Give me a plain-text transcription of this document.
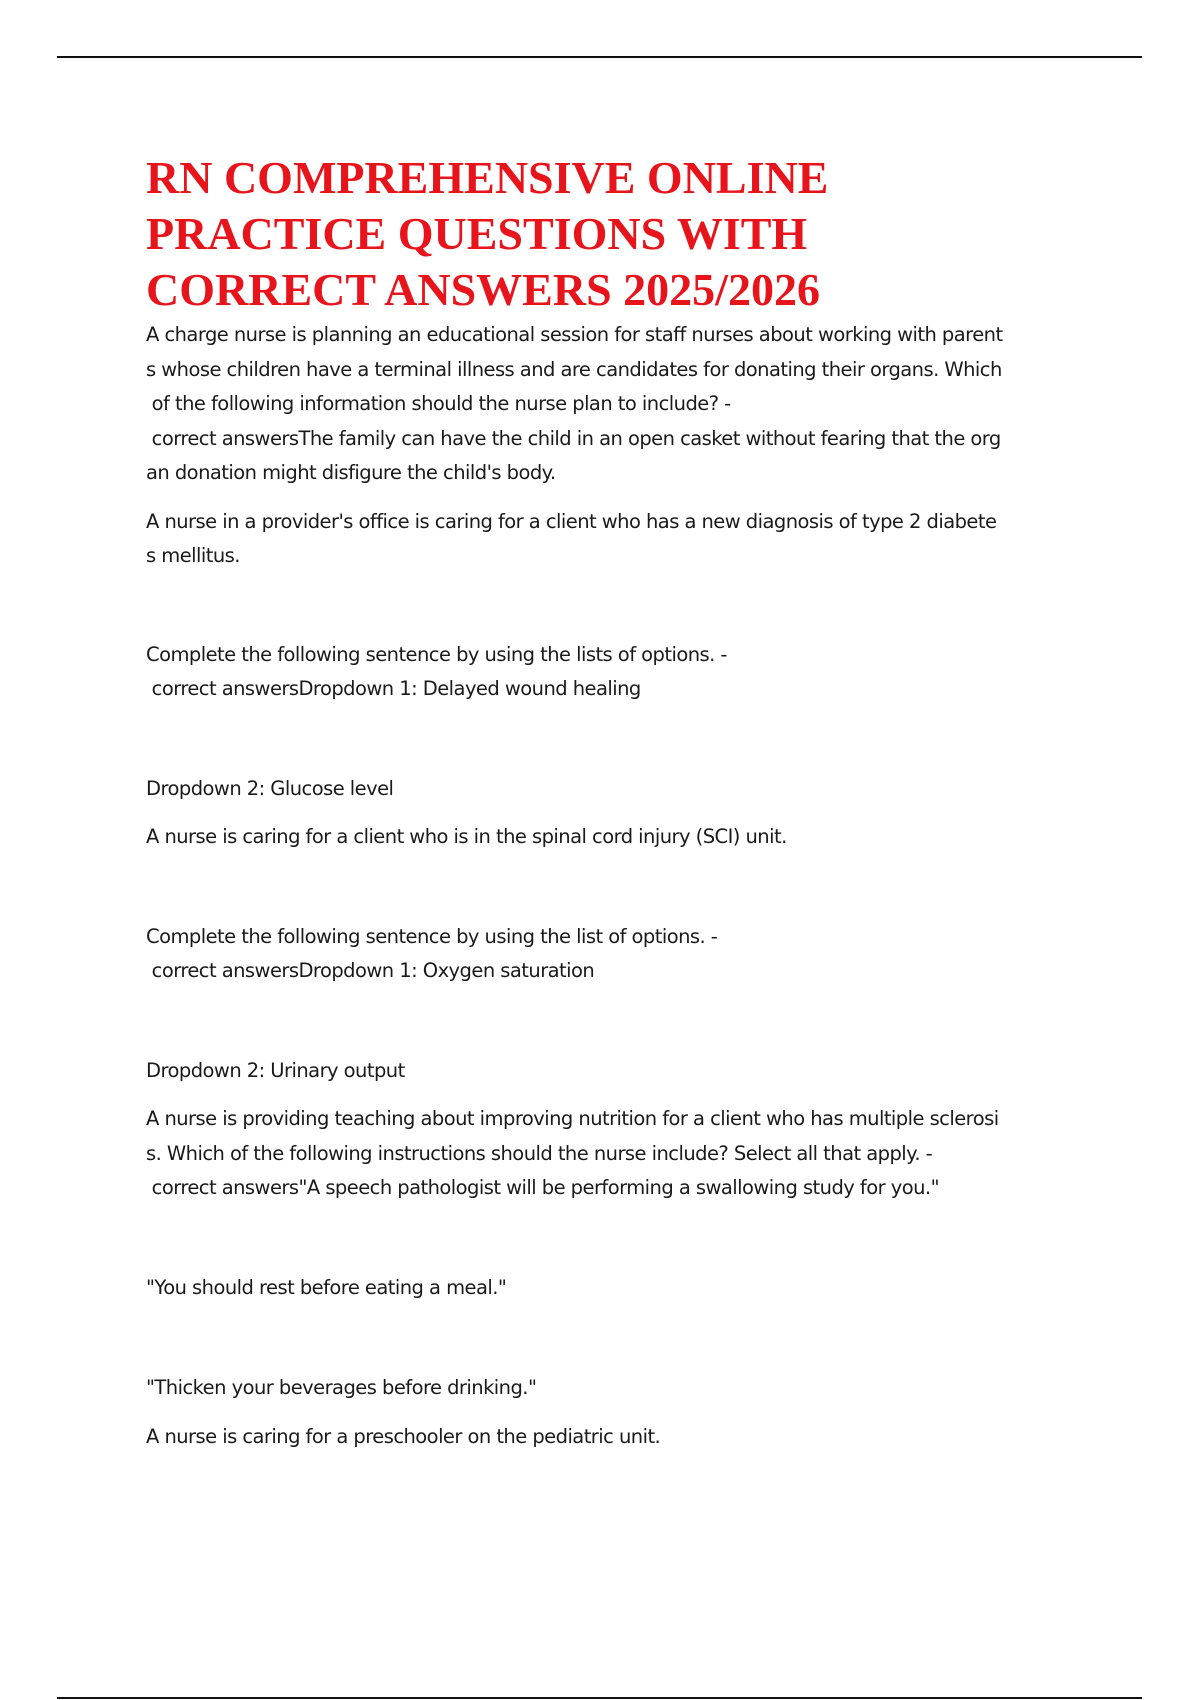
RN COMPREHENSIVE ONLINE
PRACTICE QUESTIONS WITH
CORRECT ANSWERS 2025/2026
A charge nurse is planning an educational session for staff nurses about working with parent
s whose children have a terminal illness and are candidates for donating their organs. Which
of the following information should the nurse plan to include? -
correct answersThe family can have the child in an open casket without fearing that the org
an donation might disfigure the child's body.
A nurse in a provider's office is caring for a client who has a new diagnosis of type 2 diabete
s mellitus.
Complete the following sentence by using the lists of options. -
correct answersDropdown 1: Delayed wound healing
Dropdown 2: Glucose level
A nurse is caring for a client who is in the spinal cord injury (SCI) unit.
Complete the following sentence by using the list of options. -
correct answersDropdown 1: Oxygen saturation
Dropdown 2: Urinary output
A nurse is providing teaching about improving nutrition for a client who has multiple sclerosi
s. Which of the following instructions should the nurse include? Select all that apply. -
correct answers"A speech pathologist will be performing a swallowing study for you."
"You should rest before eating a meal."
"Thicken your beverages before drinking."
A nurse is caring for a preschooler on the pediatric unit.
